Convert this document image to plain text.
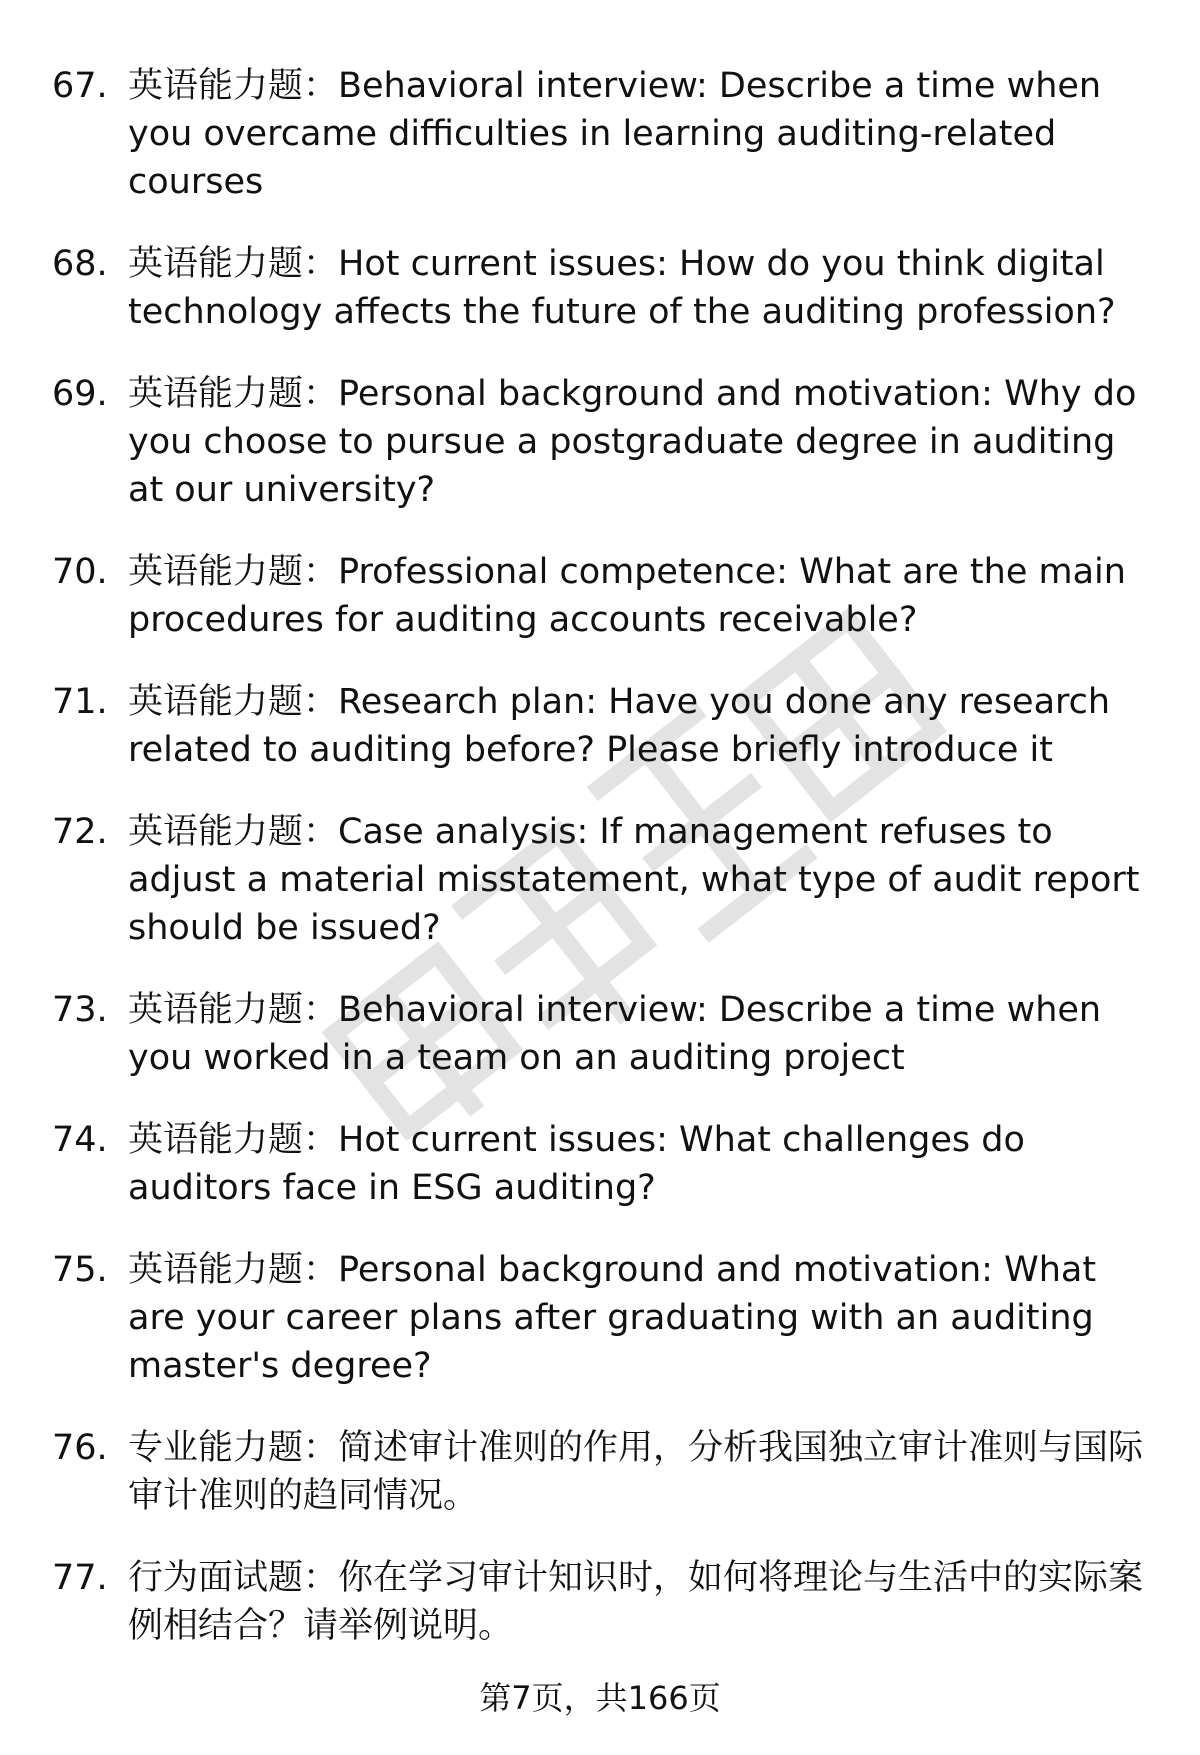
67. 英语能力题：Behavioral interview: Describe a time when you overcame difficulties in learning auditing-related courses
68. 英语能力题：Hot current issues: How do you think digital technology affects the future of the auditing profession?
69. 英语能力题：Personal background and motivation: Why do you choose to pursue a postgraduate degree in auditing at our university?
70. 英语能力题：Professional competence: What are the main procedures for auditing accounts receivable?
71. 英语能力题：Research plan: Have you done any research related to auditing before? Please briefly introduce it
72. 英语能力题：Case analysis: If management refuses to adjust a material misstatement, what type of audit report should be issued?
73. 英语能力题：Behavioral interview: Describe a time when you worked in a team on an auditing project
74. 英语能力题：Hot current issues: What challenges do auditors face in ESG auditing?
75. 英语能力题：Personal background and motivation: What are your career plans after graduating with an auditing master's degree?
76. 专业能力题：简述审计准则的作用，分析我国独立审计准则与国际审计准则的趋同情况。
77. 行为面试题：你在学习审计知识时，如何将理论与生活中的实际案例相结合？请举例说明。
第7页，共166页
